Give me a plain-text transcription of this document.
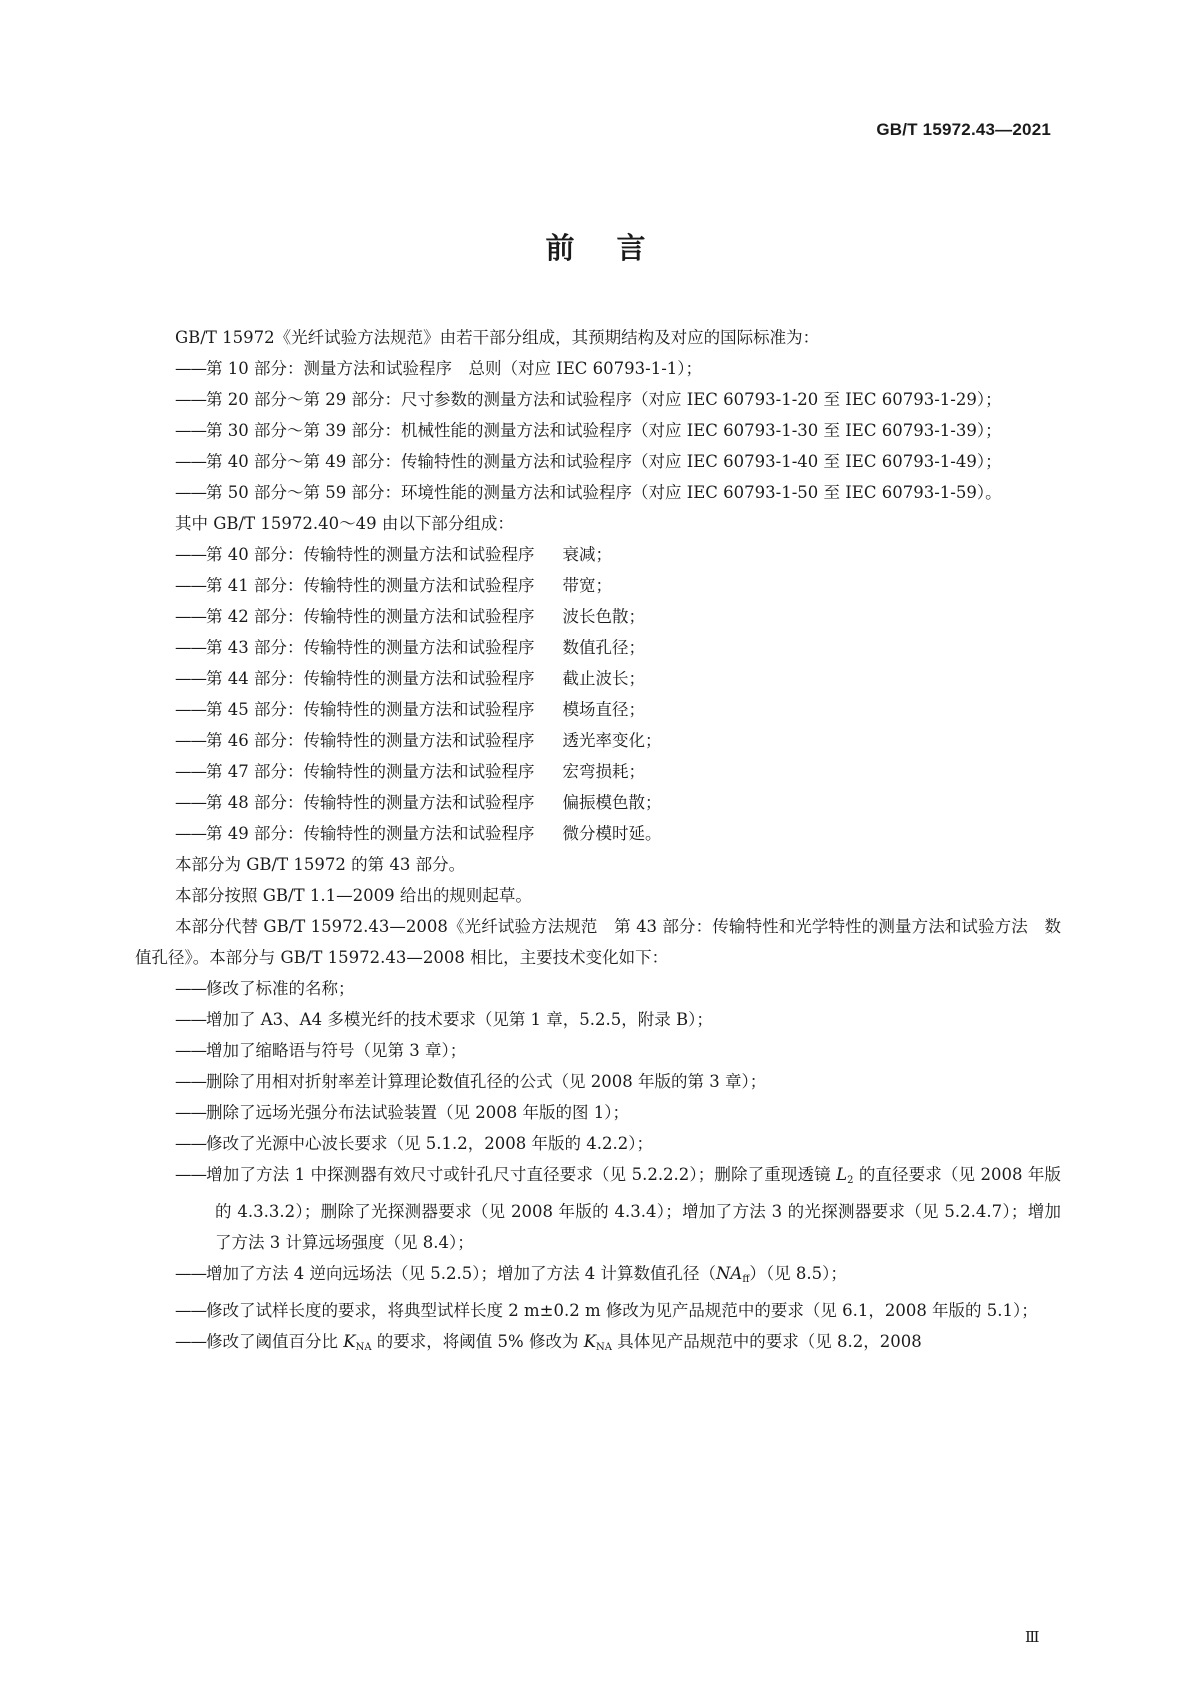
GB/T 15972.43—2021
前言

GB/T 15972《光纤试验方法规范》由若干部分组成，其预期结构及对应的国际标准为：

——第 10 部分：测量方法和试验程序　总则（对应 IEC 60793-1-1）；

——第 20 部分～第 29 部分：尺寸参数的测量方法和试验程序（对应 IEC 60793-1-20 至 IEC 60793-1-29）；

——第 30 部分～第 39 部分：机械性能的测量方法和试验程序（对应 IEC 60793-1-30 至 IEC 60793-1-39）；

——第 40 部分～第 49 部分：传输特性的测量方法和试验程序（对应 IEC 60793-1-40 至 IEC 60793-1-49）；

——第 50 部分～第 59 部分：环境性能的测量方法和试验程序（对应 IEC 60793-1-50 至 IEC 60793-1-59）。

其中 GB/T 15972.40～49 由以下部分组成：

——第 40 部分：传输特性的测量方法和试验程序 衰减；

——第 41 部分：传输特性的测量方法和试验程序 带宽；

——第 42 部分：传输特性的测量方法和试验程序 波长色散；

——第 43 部分：传输特性的测量方法和试验程序 数值孔径；

——第 44 部分：传输特性的测量方法和试验程序 截止波长；

——第 45 部分：传输特性的测量方法和试验程序 模场直径；

——第 46 部分：传输特性的测量方法和试验程序 透光率变化；

——第 47 部分：传输特性的测量方法和试验程序 宏弯损耗；

——第 48 部分：传输特性的测量方法和试验程序 偏振模色散；

——第 49 部分：传输特性的测量方法和试验程序 微分模时延。

本部分为 GB/T 15972 的第 43 部分。

本部分按照 GB/T 1.1—2009 给出的规则起草。

本部分代替 GB/T 15972.43—2008《光纤试验方法规范　第 43 部分：传输特性和光学特性的测量方法和试验方法　数值孔径》。本部分与 GB/T 15972.43—2008 相比，主要技术变化如下：

——修改了标准的名称；

——增加了 A3、A4 多模光纤的技术要求（见第 1 章，5.2.5，附录 B）；

——增加了缩略语与符号（见第 3 章）；

——删除了用相对折射率差计算理论数值孔径的公式（见 2008 年版的第 3 章）；

——删除了远场光强分布法试验装置（见 2008 年版的图 1）；

——修改了光源中心波长要求（见 5.1.2，2008 年版的 4.2.2）；

——增加了方法 1 中探测器有效尺寸或针孔尺寸直径要求（见 5.2.2.2）；删除了重现透镜 $L_2$ 的直径要求（见 2008 年版的 4.3.3.2）；删除了光探测器要求（见 2008 年版的 4.3.4）；增加了方法 3 的光探测器要求（见 5.2.4.7）；增加了方法 3 计算远场强度（见 8.4）；

——增加了方法 4 逆向远场法（见 5.2.5）；增加了方法 4 计算数值孔径$(NA_{ff})$（见 8.5）；

——修改了试样长度的要求，将典型试样长度 2 m±0.2 m 修改为见产品规范中的要求（见 6.1，2008 年版的 5.1）；

——修改了阈值百分比 $K_{NA}$ 的要求，将阈值 5% 修改为 $K_{NA}$ 具体见产品规范中的要求（见 8.2，2008

Ⅲ
